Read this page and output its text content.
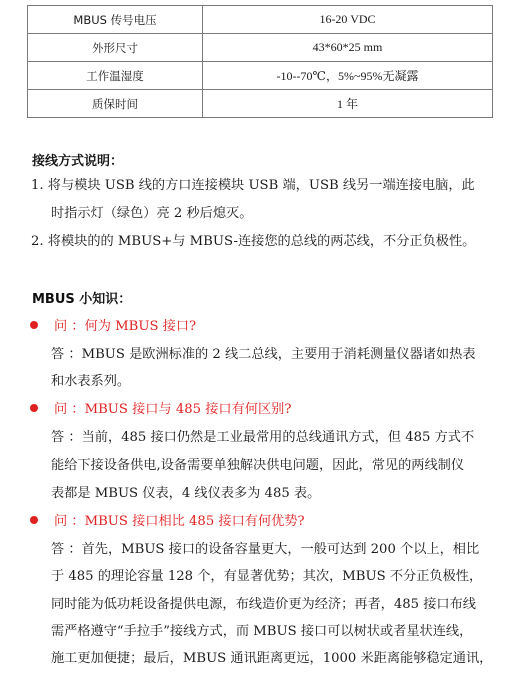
MBUS 传号电压	16-20 VDC
外形尺寸	43*60*25 mm
工作温湿度	-10--70℃，5%~95%无凝露
质保时间	1 年
接线方式说明：
1. 将与模块 USB 线的方口连接模块 USB 端，USB 线另一端连接电脑，此
时指示灯（绿色）亮 2 秒后熄灭。
2. 将模块的的 MBUS+与 MBUS-连接您的总线的两芯线，不分正负极性。
MBUS 小知识：
问 ：何为 MBUS 接口?
答 ：MBUS 是欧洲标准的 2 线二总线，主要用于消耗测量仪器诸如热表
和水表系列。
问 ：MBUS 接口与 485 接口有何区别?
答 ：当前，485 接口仍然是工业最常用的总线通讯方式，但 485 方式不
能给下接设备供电,设备需要单独解决供电问题，因此，常见的两线制仪
表都是 MBUS 仪表，4 线仪表多为 485 表。
问 ：MBUS 接口相比 485 接口有何优势?
答 ：首先，MBUS 接口的设备容量更大，一般可达到 200 个以上，相比
于 485 的理论容量 128 个，有显著优势；其次，MBUS 不分正负极性，
同时能为低功耗设备提供电源，布线造价更为经济；再者，485 接口布线
需严格遵守“手拉手”接线方式，而 MBUS 接口可以树状或者星状连线，
施工更加便捷；最后，MBUS 通讯距离更远，1000 米距离能够稳定通讯，
